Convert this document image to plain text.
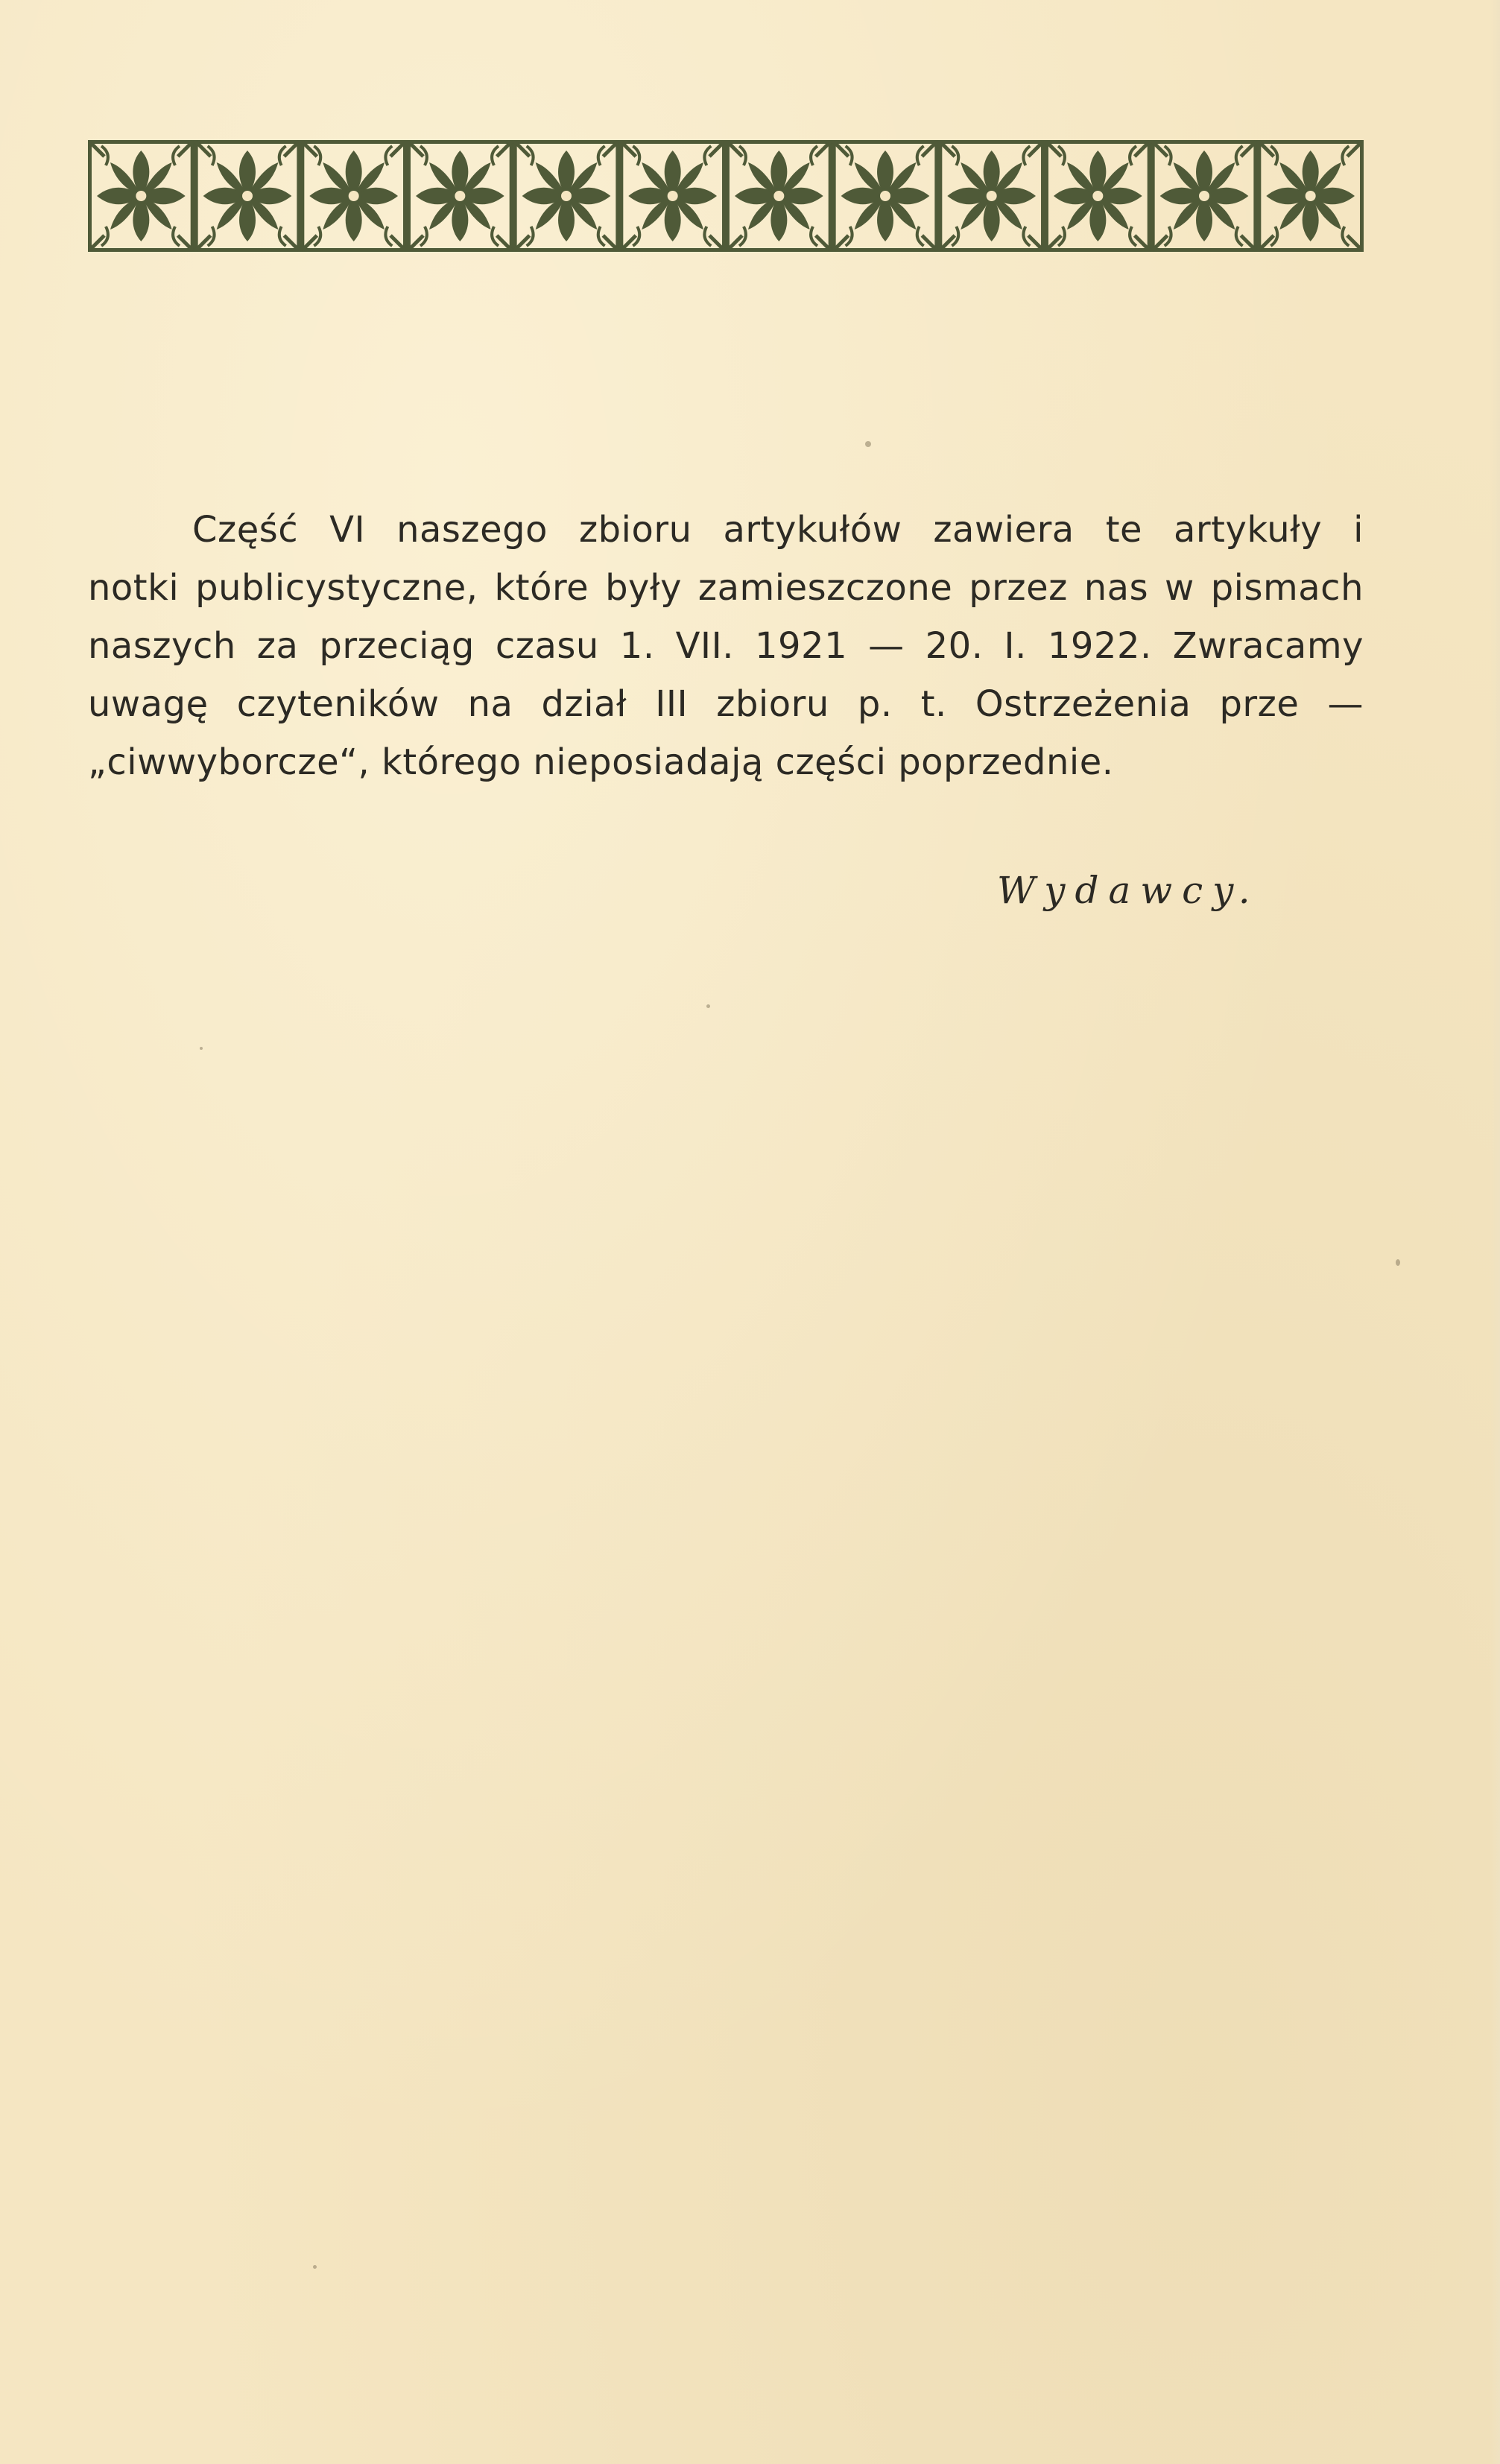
Część VI naszego zbioru artykułów zawiera te artykuły i
notki publicystyczne, które były zamieszczone przez nas w pismach
naszych za przeciąg czasu 1. VII. 1921 — 20. I. 1922. Zwracamy
uwagę czyteników na dział III zbioru p. t. Ostrzeżenia prze —
„ciwwyborcze“, którego nieposiadają części poprzednie.
Wydawcy.
